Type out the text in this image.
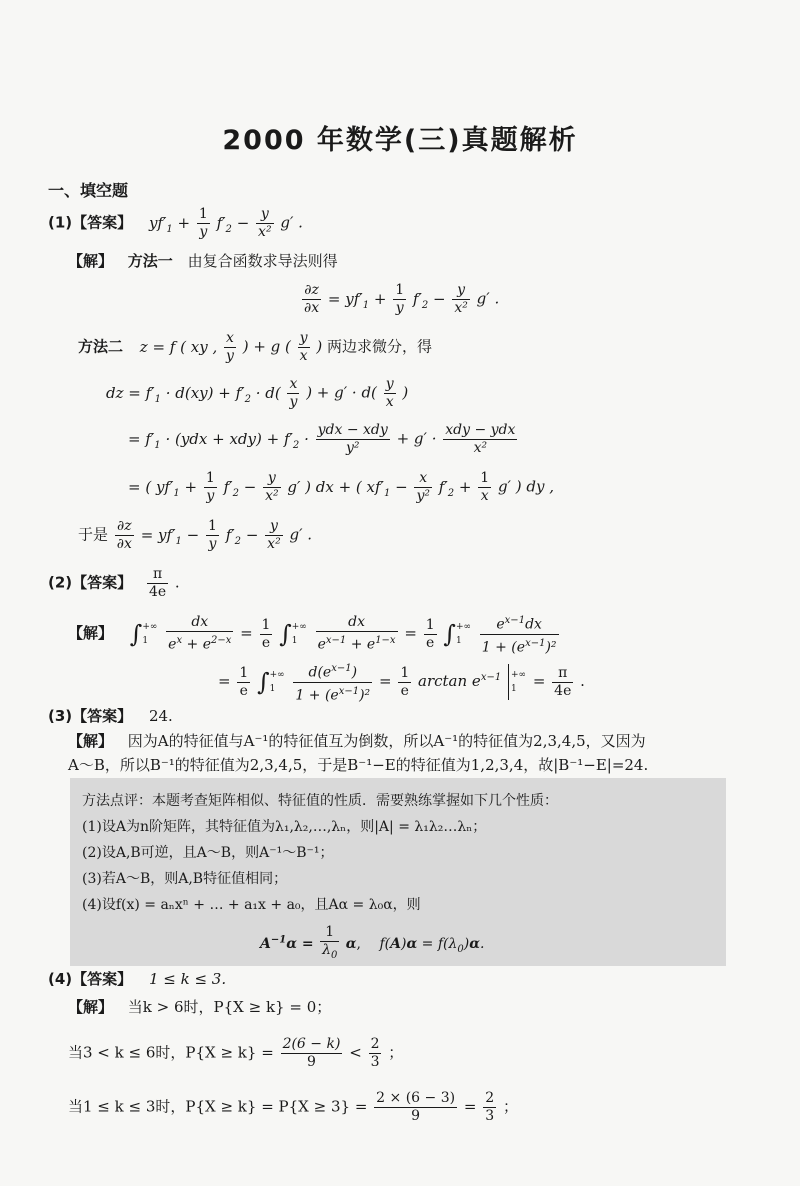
2000 年数学(三)真题解析
一、填空题
(1)【答案】 $yf'_1 + \frac{1}{y} f'_2 - \frac{y}{\text{x²}} g'$ .
【解】 方法一 由复合函数求导法则得
$\frac{\partial z}{\partial x} = yf'_1 + \frac{1}{y} f'_2 - \frac{y}{\text{x²}} g'$ .
方法二 z = f ( xy , $\frac{x}{y}$ ) + g ( $\frac{y}{x}$ ) 两边求微分，得
dz = $f'_1 \cdot d(xy) + f'_2 \cdot d( \frac{x}{y}$ ) + $g' \cdot d( \frac{y}{x}$ )
= $f'_1 \cdot (ydx + xdy) + f'_2 \cdot \frac{\text{ydx − xdy}}{\text{y²}} + g' \cdot \frac{\text{xdy − ydx}}{\text{x²}}$
= ( $yf'_1 + \frac{1}{y} f'_2 - \frac{y}{\text{x²}} g'$ ) dx + ( $xf'_1 - \frac{x}{\text{y²}} f'_2 + \frac{1}{x} g'$ ) dy ,
于是 $\frac{\partial z}{\partial x} = yf'_1 - \frac{1}{y} f'_2 - \frac{y}{\text{x²}} g'$ .
(2)【答案】 $\frac{\pi}{4e}$ .
【解】 ∫+∞
$1 \frac{dx}{e^x + e^{2-x}} = \frac{1}{e}$ ∫+∞
$1 \frac{dx}{e^{x-1} + e^{1-x}} = \frac{1}{e}$ ∫+∞
$1 \frac{e^{x-1}dx}{1 + (e^{x-1})^2}$
= $\frac{1}{e}$ ∫+∞
$1 \frac{d(e^{x-1})}{1 + (e^{x-1})^2} = \frac{1}{e}$ $\arctan e^{x-1}$ +∞
$1 = \frac{\pi}{4e}$ .
(3)【答案】 24.
【解】 因为A的特征值与A⁻¹的特征值互为倒数，所以A⁻¹的特征值为2,3,4,5，又因为
A～B，所以B⁻¹的特征值为2,3,4,5，于是B⁻¹−E的特征值为1,2,3,4，故|B⁻¹−E|=24.
方法点评：本题考查矩阵相似、特征值的性质．需要熟练掌握如下几个性质：
(1)设A为n阶矩阵，其特征值为λ₁,λ₂,…,λₙ，则|A| = λ₁λ₂…λₙ；
(2)设A,B可逆，且A～B，则A⁻¹～B⁻¹；
(3)若A～B，则A,B特征值相同；
(4)设f(x) = aₙxⁿ + … + a₁x + a₀，且Aα = λ₀α，则
$A^{-1}\alpha = \frac{1}{\lambda_0} \alpha$, $f(A)\alpha = f(\lambda_0)\alpha$.
(4)【答案】 1 ≤ k ≤ 3.
【解】 当k > 6时，P{X ≥ k} = 0；
当3 < k ≤ 6时，$P\{X \ge k\} = \frac{2(6 - k)}{9} < \frac{2}{3}$ ；
当1 ≤ k ≤ 3时，$P\{X \ge k\} = P\{X \ge 3\} = \frac{2 \times (6 - 3)}{9} = \frac{2}{3}$ ；
